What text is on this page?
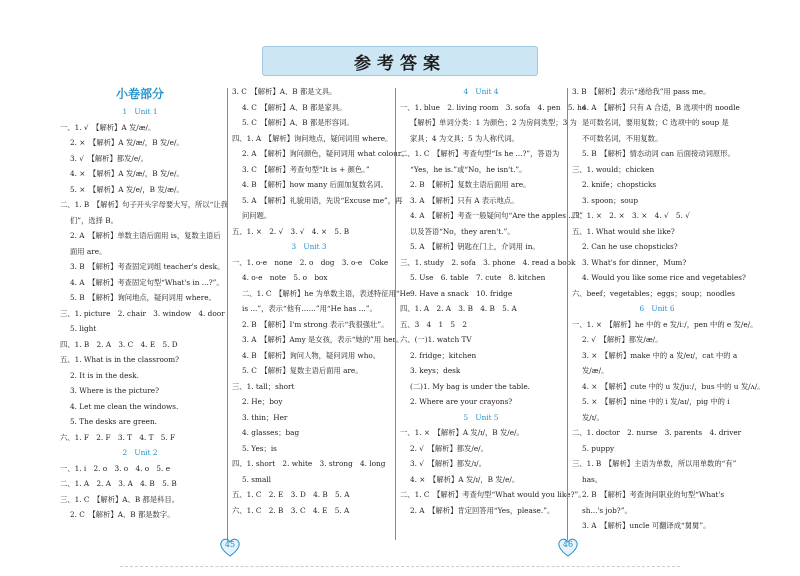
参考答案
小卷部分
1　Unit 1
一、1. √　【解析】A 发/æ/。
2. ×　【解析】A 发/æ/，B 发/e/。
3. √　【解析】都发/e/。
4. ×　【解析】A 发/æ/，B 发/e/。
5. ×　【解析】A 发/e/，B 发/æ/。
二、1. B　【解析】句子开头字母要大写，所以“让我
们”，选择 B。
2. A　【解析】单数主语后面用 is，复数主语后
面用 are。
3. B　【解析】考查固定词组 teacher's desk。
4. A　【解析】考查固定句型“What's in ...?”。
5. B　【解析】询问地点，疑问词用 where。
三、1. picture　2. chair　3. window　4. door
5. light
四、1. B　2. A　3. C　4. E　5. D
五、1. What is in the classroom?
2. It is in the desk.
3. Where is the picture?
4. Let me clean the windows.
5. The desks are green.
六、1. F　2. F　3. T　4. T　5. F
2　Unit 2
一、1. i　2. o　3. o　4. o　5. e
二、1. A　2. A　3. A　4. B　5. B
三、1. C　【解析】A、B 都是科目。
2. C　【解析】A、B 都是数字。
3. C　【解析】A、B 都是文具。
4. C　【解析】A、B 都是家具。
5. C　【解析】A、B 都是形容词。
四、1. A　【解析】询问地点，疑问词用 where。
2. A　【解析】询问颜色，疑问词用 what colour。
3. C　【解析】考查句型“It is + 颜色。”
4. B　【解析】how many 后面加复数名词。
5. A　【解析】礼貌用语，先说“Excuse me”，再
问问题。
五、1. ×　2. √　3. √　4. ×　5. B
3　Unit 3
一、1. o-e　none　2. o　dog　3. o-e　Coke
4. o-e　note　5. o　box
二、1. C　【解析】he 为单数主语，表述特征用“He
is ...”，表示“他有……”用“He has ...”。
2. B　【解析】I'm strong 表示“我很强壮”。
3. A　【解析】Amy 是女孩，表示“她的”用 her。
4. B　【解析】询问人物，疑问词用 who。
5. C　【解析】复数主语后面用 are。
三、1. tall；short
2. He；boy
3. thin；Her
4. glasses；bag
5. Yes；is
四、1. short　2. white　3. strong　4. long
5. small
五、1. C　2. E　3. D　4. B　5. A
六、1. C　2. B　3. C　4. E　5. A
4　Unit 4
一、1. blue　2. living room　3. sofa　4. pen　5. he
【解析】单词分类：1 为颜色；2 为房间类型；3 为
家具；4 为文具；5 为人称代词。
二、1. C　【解析】考查句型“Is he ...?”，答语为
“Yes，he is.”或“No，he isn't.”。
2. B　【解析】复数主语后面用 are。
3. A　【解析】只有 A 表示地点。
4. A　【解析】考查一般疑问句“Are the apples ...?”
以及答语“No，they aren't.”。
5. A　【解析】钥匙在门上，介词用 in。
三、1. study　2. sofa　3. phone　4. read a book
5. Use　6. table　7. cute　8. kitchen
9. Have a snack　10. fridge
四、1. A　2. A　3. B　4. B　5. A
五、3　4　1　5　2
六、(一)1. watch TV
2. fridge；kitchen
3. keys；desk
(二)1. My bag is under the table.
2. Where are your crayons?
5　Unit 5
一、1. ×　【解析】A 发/ɪ/，B 发/e/。
2. √　【解析】都发/e/。
3. √　【解析】都发/ɪ/。
4. ×　【解析】A 发/ɪ/，B 发/e/。
二、1. C　【解析】考查句型“What would you like?”。
2. A　【解析】肯定回答用“Yes，please.”。
3. B　【解析】表示“递给我”用 pass me。
4. A　【解析】只有 A 合适，B 选项中的 noodle
是可数名词，要用复数；C 选项中的 soup 是
不可数名词，不用复数。
5. B　【解析】情态动词 can 后面接动词原形。
三、1. would；chicken
2. knife；chopsticks
3. spoon；soup
四、1. ×　2. ×　3. ×　4. √　5. √
五、1. What would she like?
2. Can he use chopsticks?
3. What's for dinner，Mum?
4. Would you like some rice and vegetables?
六、beef；vegetables；eggs；soup；noodles
6　Unit 6
一、1. ×　【解析】he 中的 e 发/iː/，pen 中的 e 发/e/。
2. √　【解析】都发/æ/。
3. ×　【解析】make 中的 a 发/eɪ/，cat 中的 a
发/æ/。
4. ×　【解析】cute 中的 u 发/juː/，bus 中的 u 发/ʌ/。
5. ×　【解析】nine 中的 i 发/aɪ/，pig 中的 i
发/ɪ/。
二、1. doctor　2. nurse　3. parents　4. driver
5. puppy
三、1. B　【解析】主语为单数，所以用单数的“有”
has。
2. B　【解析】考查询问职业的句型“What's
sh...'s job?”。
3. A　【解析】uncle 可翻译成“舅舅”。
45	46
